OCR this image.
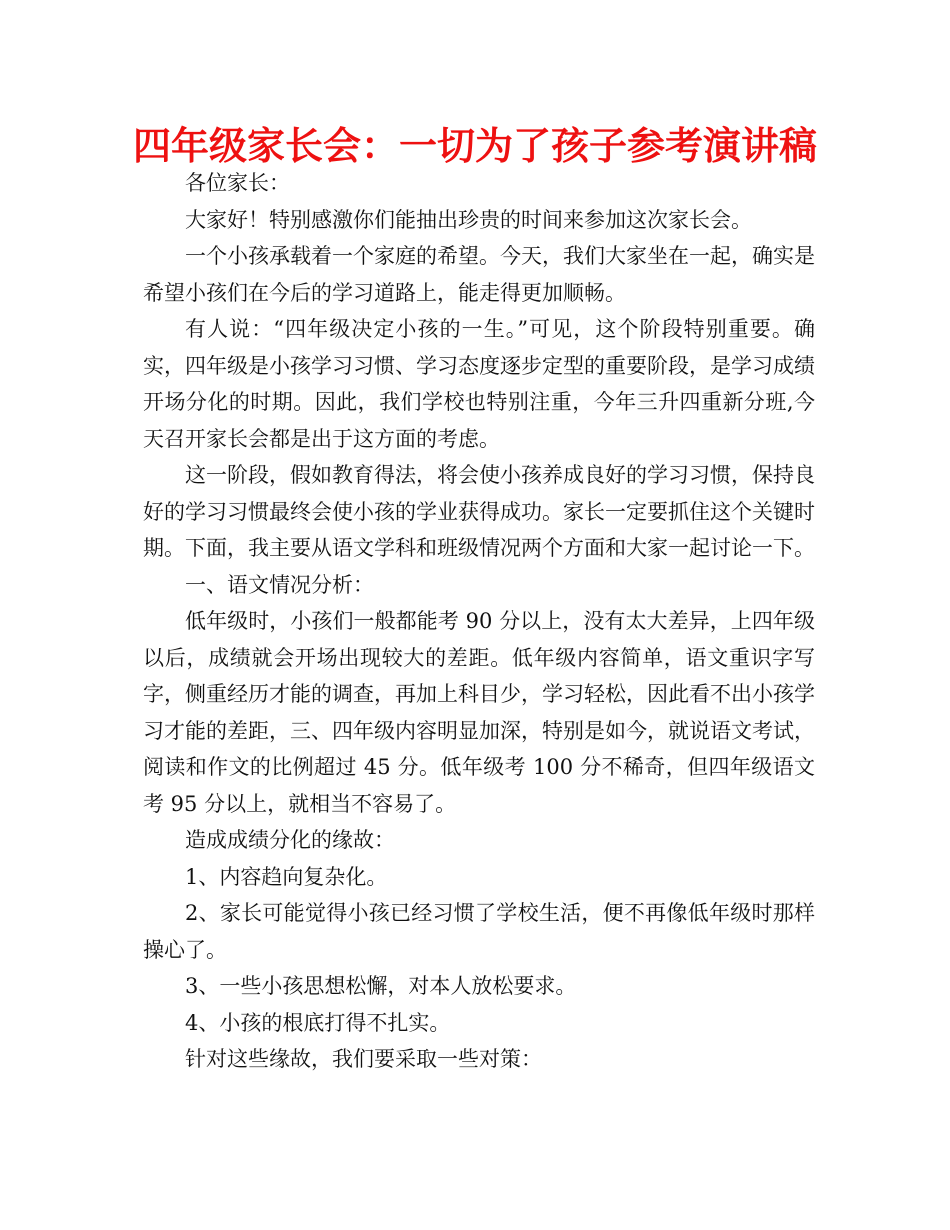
四年级家长会：一切为了孩子参考演讲稿

各位家长：

大家好！特别感激你们能抽出珍贵的时间来参加这次家长会。

一个小孩承载着一个家庭的希望。今天，我们大家坐在一起，确实是希望小孩们在今后的学习道路上，能走得更加顺畅。

有人说：“四年级决定小孩的一生。”可见，这个阶段特别重要。确实，四年级是小孩学习习惯、学习态度逐步定型的重要阶段，是学习成绩开场分化的时期。因此，我们学校也特别注重，今年三升四重新分班,今天召开家长会都是出于这方面的考虑。

这一阶段，假如教育得法，将会使小孩养成良好的学习习惯，保持良好的学习习惯最终会使小孩的学业获得成功。家长一定要抓住这个关键时期。下面，我主要从语文学科和班级情况两个方面和大家一起讨论一下。

一、语文情况分析：

低年级时，小孩们一般都能考 90 分以上，没有太大差异，上四年级以后，成绩就会开场出现较大的差距。低年级内容简单，语文重识字写字，侧重经历才能的调查，再加上科目少，学习轻松，因此看不出小孩学习才能的差距，三、四年级内容明显加深，特别是如今，就说语文考试，阅读和作文的比例超过 45 分。低年级考 100 分不稀奇，但四年级语文考 95 分以上，就相当不容易了。

造成成绩分化的缘故：

1、内容趋向复杂化。

2、家长可能觉得小孩已经习惯了学校生活，便不再像低年级时那样操心了。

3、一些小孩思想松懈，对本人放松要求。

4、小孩的根底打得不扎实。

针对这些缘故，我们要采取一些对策：
